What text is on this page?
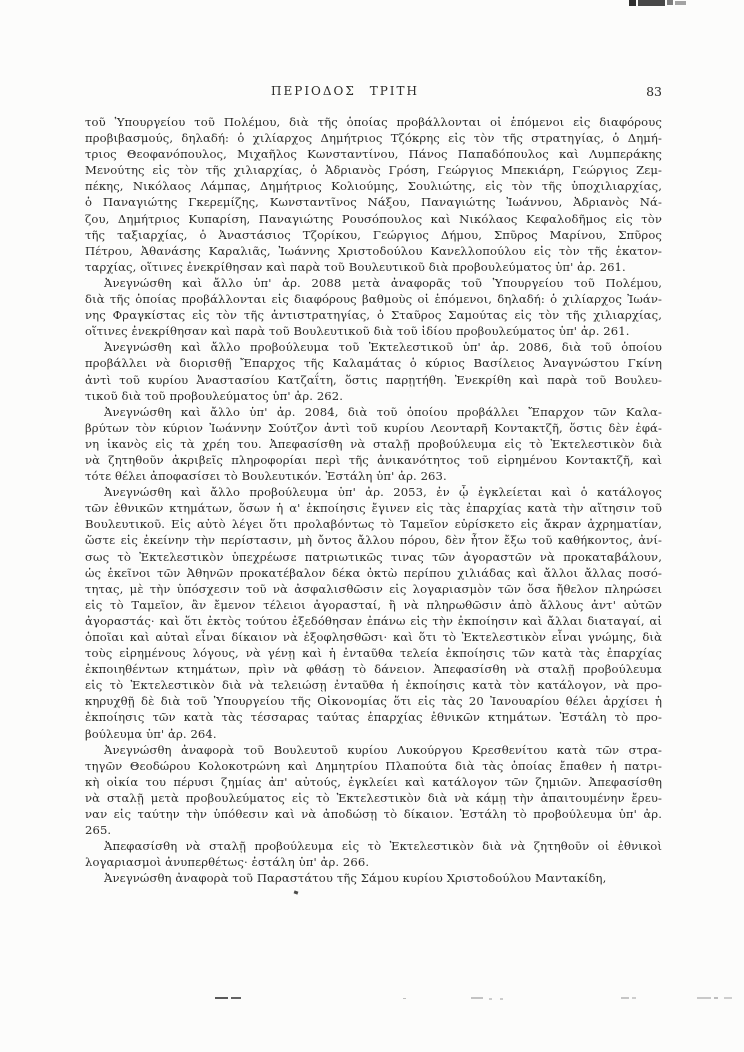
ΠΕΡΙΟΔΟΣ ΤΡΙΤΗ	83
τοῦ Ὑπουργείου τοῦ Πολέμου, διὰ τῆς ὁποίας προβάλλονται οἱ ἑπόμενοι εἰς διαφόρους
προβιβασμούς, δηλαδή: ὁ χιλίαρχος Δημήτριος Τζόκρης εἰς τὸν τῆς στρατηγίας, ὁ Δημή-
τριος Θεοφανόπουλος, Μιχαῆλος Κωνσταντίνου, Πάνος Παπαδόπουλος καὶ Λυμπεράκης
Μενούτης εἰς τὸν τῆς χιλιαρχίας, ὁ Ἀδριανὸς Γρόση, Γεώργιος Μπεκιάρη, Γεώργιος Ζεμ-
πέκης, Νικόλαος Λάμπας, Δημήτριος Κολιούμης, Σουλιώτης, εἰς τὸν τῆς ὑποχιλιαρχίας,
ὁ Παναγιώτης Γκερεμίζης, Κωνσταντῖνος Νάξου, Παναγιώτης Ἰωάννου, Ἀδριανὸς Νά-
ζου, Δημήτριος Κυπαρίση, Παναγιώτης Ρουσόπουλος καὶ Νικόλαος Κεφαλοδῆμος εἰς τὸν
τῆς ταξιαρχίας, ὁ Ἀναστάσιος Τζορίκου, Γεώργιος Δήμου, Σπῦρος Μαρίνου, Σπῦρος
Πέτρου, Ἀθανάσης Καραλιᾶς, Ἰωάννης Χριστοδούλου Κανελλοπούλου εἰς τὸν τῆς ἑκατον-
ταρχίας, οἵτινες ἐνεκρίθησαν καὶ παρὰ τοῦ Βουλευτικοῦ διὰ προβουλεύματος ὑπ' ἀρ. 261.
Ἀνεγνώσθη καὶ ἄλλο ὑπ' ἀρ. 2088 μετὰ ἀναφορᾶς τοῦ Ὑπουργείου τοῦ Πολέμου,
διὰ τῆς ὁποίας προβάλλονται εἰς διαφόρους βαθμοὺς οἱ ἑπόμενοι, δηλαδή: ὁ χιλίαρχος Ἰωάν-
νης Φραγκίστας εἰς τὸν τῆς ἀντιστρατηγίας, ὁ Σταῦρος Σαμούτας εἰς τὸν τῆς χιλιαρχίας,
οἵτινες ἐνεκρίθησαν καὶ παρὰ τοῦ Βουλευτικοῦ διὰ τοῦ ἰδίου προβουλεύματος ὑπ' ἀρ. 261.
Ἀνεγνώσθη καὶ ἄλλο προβούλευμα τοῦ Ἐκτελεστικοῦ ὑπ' ἀρ. 2086, διὰ τοῦ ὁποίου
προβάλλει νὰ διορισθῇ Ἔπαρχος τῆς Καλαμάτας ὁ κύριος Βασίλειος Ἀναγνώστου Γκίνη
ἀντὶ τοῦ κυρίου Ἀναστασίου Κατζαΐτη, ὅστις παρῃτήθη. Ἐνεκρίθη καὶ παρὰ τοῦ Βουλευ-
τικοῦ διὰ τοῦ προβουλεύματος ὑπ' ἀρ. 262.
Ἀνεγνώσθη καὶ ἄλλο ὑπ' ἀρ. 2084, διὰ τοῦ ὁποίου προβάλλει Ἔπαρχον τῶν Καλα-
βρύτων τὸν κύριον Ἰωάννην Σούτζον ἀντὶ τοῦ κυρίου Λεονταρῆ Κοντακτζῆ, ὅστις δὲν ἐφά-
νη ἱκανὸς εἰς τὰ χρέη του. Ἀπεφασίσθη νὰ σταλῇ προβούλευμα εἰς τὸ Ἐκτελεστικὸν διὰ
νὰ ζητηθοῦν ἀκριβεῖς πληροφορίαι περὶ τῆς ἀνικανότητος τοῦ εἰρημένου Κοντακτζῆ, καὶ
τότε θέλει ἀποφασίσει τὸ Βουλευτικόν. Ἐστάλη ὑπ' ἀρ. 263.
Ἀνεγνώσθη καὶ ἄλλο προβούλευμα ὑπ' ἀρ. 2053, ἐν ᾧ ἐγκλείεται καὶ ὁ κατάλογος
τῶν ἐθνικῶν κτημάτων, ὅσων ἡ α' ἐκποίησις ἔγινεν εἰς τὰς ἐπαρχίας κατὰ τὴν αἴτησιν τοῦ
Βουλευτικοῦ. Εἰς αὐτὸ λέγει ὅτι προλαβόντως τὸ Ταμεῖον εὑρίσκετο εἰς ἄκραν ἀχρηματίαν,
ὥστε εἰς ἐκείνην τὴν περίστασιν, μὴ ὄντος ἄλλου πόρου, δὲν ἦτον ἔξω τοῦ καθήκοντος, ἀνί-
σως τὸ Ἐκτελεστικὸν ὑπεχρέωσε πατριωτικῶς τινας τῶν ἀγοραστῶν νὰ προκαταβάλουν,
ὡς ἐκεῖνοι τῶν Ἀθηνῶν προκατέβαλον δέκα ὀκτὼ περίπου χιλιάδας καὶ ἄλλοι ἄλλας ποσό-
τητας, μὲ τὴν ὑπόσχεσιν τοῦ νὰ ἀσφαλισθῶσιν εἰς λογαριασμὸν τῶν ὅσα ἤθελον πληρώσει
εἰς τὸ Ταμεῖον, ἂν ἔμενον τέλειοι ἀγορασταί, ἢ νὰ πληρωθῶσιν ἀπὸ ἄλλους ἀντ' αὐτῶν
ἀγοραστάς· καὶ ὅτι ἐκτὸς τούτου ἐξεδόθησαν ἐπάνω εἰς τὴν ἐκποίησιν καὶ ἄλλαι διαταγαί, αἱ
ὁποῖαι καὶ αὐταὶ εἶναι δίκαιον νὰ ἐξοφλησθῶσι· καὶ ὅτι τὸ Ἐκτελεστικὸν εἶναι γνώμης, διὰ
τοὺς εἰρημένους λόγους, νὰ γένῃ καὶ ἡ ἐνταῦθα τελεία ἐκποίησις τῶν κατὰ τὰς ἐπαρχίας
ἐκποιηθέντων κτημάτων, πρὶν νὰ φθάσῃ τὸ δάνειον. Ἀπεφασίσθη νὰ σταλῇ προβούλευμα
εἰς τὸ Ἐκτελεστικὸν διὰ νὰ τελειώσῃ ἐνταῦθα ἡ ἐκποίησις κατὰ τὸν κατάλογον, νὰ προ-
κηρυχθῇ δὲ διὰ τοῦ Ὑπουργείου τῆς Οἰκονομίας ὅτι εἰς τὰς 20 Ἰανουαρίου θέλει ἀρχίσει ἡ
ἐκποίησις τῶν κατὰ τὰς τέσσαρας ταύτας ἐπαρχίας ἐθνικῶν κτημάτων. Ἐστάλη τὸ προ-
βούλευμα ὑπ' ἀρ. 264.
Ἀνεγνώσθη ἀναφορὰ τοῦ Βουλευτοῦ κυρίου Λυκούργου Κρεσθενίτου κατὰ τῶν στρα-
τηγῶν Θεοδώρου Κολοκοτρώνη καὶ Δημητρίου Πλαπούτα διὰ τὰς ὁποίας ἔπαθεν ἡ πατρι-
κὴ οἰκία του πέρυσι ζημίας ἀπ' αὐτούς, ἐγκλείει καὶ κατάλογον τῶν ζημιῶν. Ἀπεφασίσθη
νὰ σταλῇ μετὰ προβουλεύματος εἰς τὸ Ἐκτελεστικὸν διὰ νὰ κάμῃ τὴν ἀπαιτουμένην ἔρευ-
ναν εἰς ταύτην τὴν ὑπόθεσιν καὶ νὰ ἀποδώσῃ τὸ δίκαιον. Ἐστάλη τὸ προβούλευμα ὑπ' ἀρ.
265.
Ἀπεφασίσθη νὰ σταλῇ προβούλευμα εἰς τὸ Ἐκτελεστικὸν διὰ νὰ ζητηθοῦν οἱ ἐθνικοὶ
λογαριασμοὶ ἀνυπερθέτως· ἐστάλη ὑπ' ἀρ. 266.
Ἀνεγνώσθη ἀναφορὰ τοῦ Παραστάτου τῆς Σάμου κυρίου Χριστοδούλου Μαντακίδη,
